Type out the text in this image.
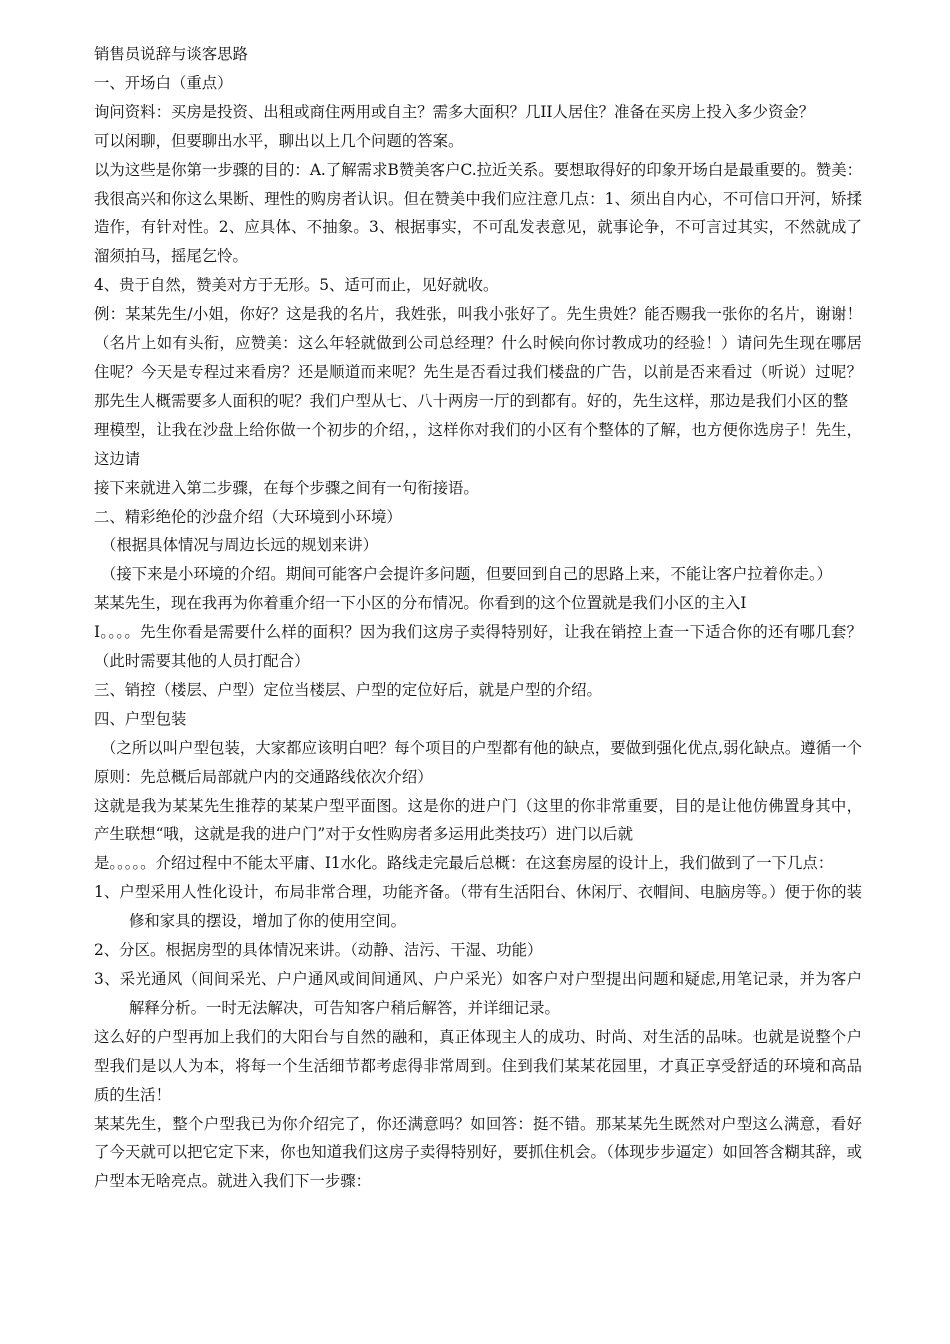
销售员说辞与谈客思路

一、开场白（重点）

询问资料：买房是投资、出租或商住两用或自主？需多大面积？几II人居住？准备在买房上投入多少资金？

可以闲聊，但要聊出水平，聊出以上几个问题的答案。

以为这些是你第一步骤的目的：A.了解需求B赞美客户C.拉近关系。要想取得好的印象开场白是最重要的。赞美：我很高兴和你这么果断、理性的购房者认识。但在赞美中我们应注意几点：1、须出自内心，不可信口开河，矫揉造作，有针对性。2、应具体、不抽象。3、根据事实，不可乱发表意见，就事论争，不可言过其实，不然就成了溜须拍马，摇尾乞怜。

4、贵于自然，赞美对方于无形。5、适可而止，见好就收。

例：某某先生/小姐，你好？这是我的名片，我姓张，叫我小张好了。先生贵姓？能否赐我一张你的名片，谢谢！（名片上如有头衔，应赞美：这么年轻就做到公司总经理？什么时候向你讨教成功的经验！）请问先生现在哪居住呢？今天是专程过来看房？还是顺道而来呢？先生是否看过我们楼盘的广告，以前是否来看过（听说）过呢？那先生人概需要多人面积的呢？我们户型从七、八十两房一厅的到都有。好的，先生这样，那边是我们小区的整

理模型，让我在沙盘上给你做一个初步的介绍，，这样你对我们的小区有个整体的了解，也方便你选房子！先生，这边请

接下来就进入第二步骤，在每个步骤之间有一句衔接语。

二、精彩绝伦的沙盘介绍（大环境到小环境）

（根据具体情况与周边长远的规划来讲）

（接下来是小环境的介绍。期间可能客户会提许多问题，但要回到自己的思路上来，不能让客户拉着你走。）

某某先生，现在我再为你着重介绍一下小区的分布情况。你看到的这个位置就是我们小区的主入I

I。。。。先生你看是需要什么样的面积？因为我们这房子卖得特别好，让我在销控上查一下适合你的还有哪几套？（此时需要其他的人员打配合）

三、销控（楼层、户型）定位当楼层、户型的定位好后，就是户型的介绍。

四、户型包装

（之所以叫户型包装，大家都应该明白吧？每个项目的户型都有他的缺点，要做到强化优点,弱化缺点。遵循一个原则：先总概后局部就户内的交通路线依次介绍）

这就是我为某某先生推荐的某某户型平面图。这是你的进户门（这里的你非常重要，目的是让他仿佛置身其中，产生联想“哦，这就是我的进户门”对于女性购房者多运用此类技巧）进门以后就

是。。。。。介绍过程中不能太平庸、I1水化。路线走完最后总概：在这套房屋的设计上，我们做到了一下几点：

1、户型采用人性化设计，布局非常合理，功能齐备。（带有生活阳台、休闲厅、衣帽间、电脑房等。）便于你的装修和家具的摆设，增加了你的使用空间。

2、分区。根据房型的具体情况来讲。（动静、洁污、干湿、功能）

3、采光通风（间间采光、户户通风或间间通风、户户采光）如客户对户型提出问题和疑虑,用笔记录，并为客户解释分析。一时无法解决，可告知客户稍后解答，并详细记录。

这么好的户型再加上我们的大阳台与自然的融和，真正体现主人的成功、时尚、对生活的品味。也就是说整个户型我们是以人为本，将每一个生活细节都考虑得非常周到。住到我们某某花园里，才真正享受舒适的环境和高品质的生活！

某某先生，整个户型我已为你介绍完了，你还满意吗？如回答：挺不错。那某某先生既然对户型这么满意，看好了今天就可以把它定下来，你也知道我们这房子卖得特别好，要抓住机会。（体现步步逼定）如回答含糊其辞，或户型本无啥亮点。就进入我们下一步骤：
